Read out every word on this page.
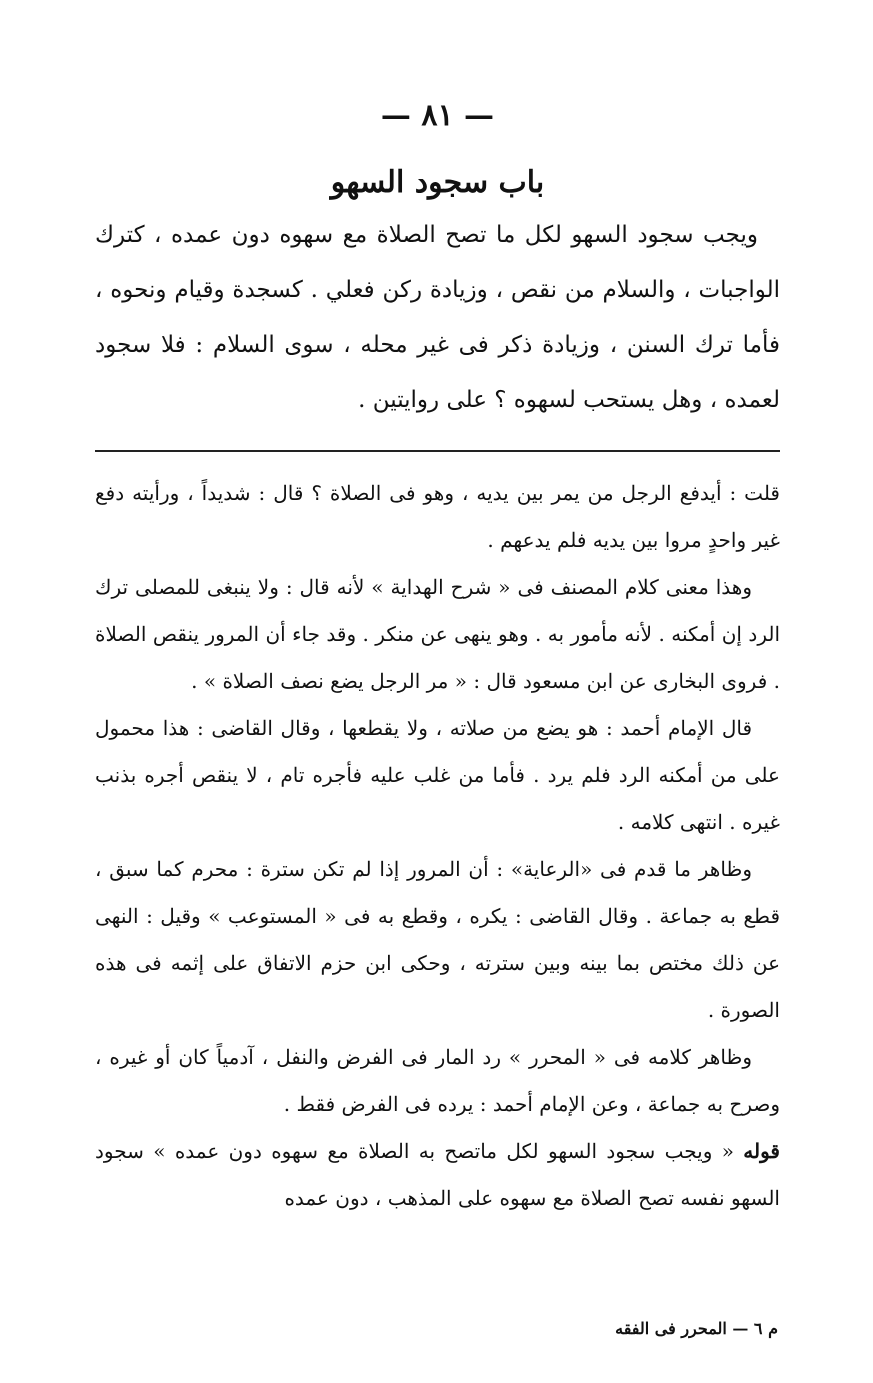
— ٨١ —
باب سجود السهو

ويجب سجود السهو لكل ما تصح الصلاة مع سهوه دون عمده ، كترك الواجبات ، والسلام من نقص ، وزيادة ركن فعلي . كسجدة وقيام ونحوه ، فأما ترك السنن ، وزيادة ذكر فى غير محله ، سوى السلام : فلا سجود لعمده ، وهل يستحب لسهوه ؟ على روايتين .

قلت : أيدفع الرجل من يمر بين يديه ، وهو فى الصلاة ؟ قال : شديداً ، ورأيته دفع غير واحدٍ مروا بين يديه فلم يدعهم .

وهذا معنى كلام المصنف فى « شرح الهداية » لأنه قال : ولا ينبغى للمصلى ترك الرد إن أمكنه . لأنه مأمور به . وهو ينهى عن منكر . وقد جاء أن المرور ينقص الصلاة . فروى البخارى عن ابن مسعود قال : « مر الرجل يضع نصف الصلاة » .

قال الإمام أحمد : هو يضع من صلاته ، ولا يقطعها ، وقال القاضى : هذا محمول على من أمكنه الرد فلم يرد . فأما من غلب عليه فأجره تام ، لا ينقص أجره بذنب غيره . انتهى كلامه .

وظاهر ما قدم فى «الرعاية» : أن المرور إذا لم تكن سترة : محرم كما سبق ، قطع به جماعة . وقال القاضى : يكره ، وقطع به فى « المستوعب » وقيل : النهى عن ذلك مختص بما بينه وبين سترته ، وحكى ابن حزم الاتفاق على إثمه فى هذه الصورة .

وظاهر كلامه فى « المحرر » رد المار فى الفرض والنفل ، آدمياً كان أو غيره ، وصرح به جماعة ، وعن الإمام أحمد : يرده فى الفرض فقط .

قوله « ويجب سجود السهو لكل ماتصح به الصلاة مع سهوه دون عمده » سجود السهو نفسه تصح الصلاة مع سهوه على المذهب ، دون عمده

م ٦ — المحرر فى الفقه
